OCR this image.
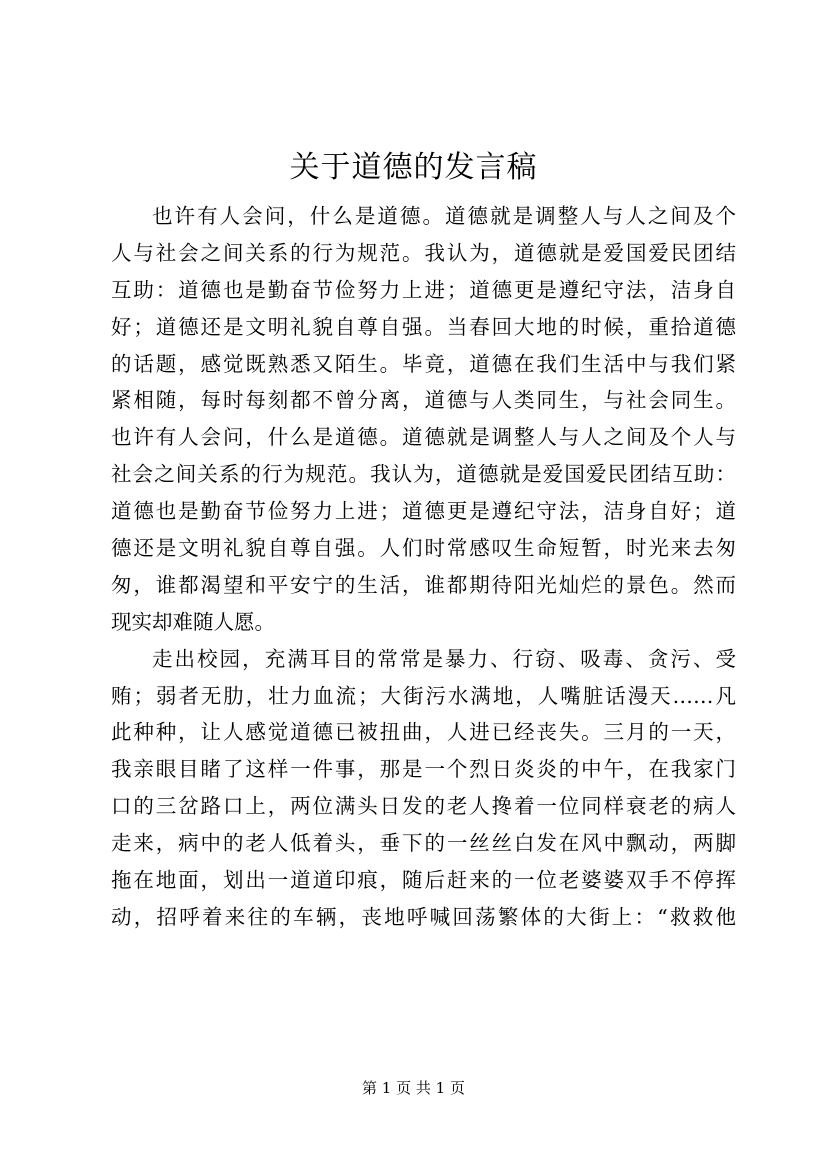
关于道德的发言稿
也许有人会问，什么是道德。道德就是调整人与人之间及个
人与社会之间关系的行为规范。我认为，道德就是爱国爱民团结
互助：道德也是勤奋节俭努力上进；道德更是遵纪守法，洁身自
好；道德还是文明礼貌自尊自强。当春回大地的时候，重拾道德
的话题，感觉既熟悉又陌生。毕竟，道德在我们生活中与我们紧
紧相随，每时每刻都不曾分离，道德与人类同生，与社会同生。
也许有人会问，什么是道德。道德就是调整人与人之间及个人与
社会之间关系的行为规范。我认为，道德就是爱国爱民团结互助：
道德也是勤奋节俭努力上进；道德更是遵纪守法，洁身自好；道
德还是文明礼貌自尊自强。人们时常感叹生命短暂，时光来去匆
匆，谁都渴望和平安宁的生活，谁都期待阳光灿烂的景色。然而
现实却难随人愿。
走出校园，充满耳目的常常是暴力、行窃、吸毒、贪污、受
贿；弱者无肋，壮力血流；大街污水满地，人嘴脏话漫天……凡
此种种，让人感觉道德已被扭曲，人进已经丧失。三月的一天，
我亲眼目睹了这样一件事，那是一个烈日炎炎的中午，在我家门
口的三岔路口上，两位满头日发的老人搀着一位同样衰老的病人
走来，病中的老人低着头，垂下的一丝丝白发在风中飘动，两脚
拖在地面，划出一道道印痕，随后赶来的一位老婆婆双手不停挥
动，招呼着来往的车辆，丧地呼喊回荡繁体的大街上：“救救他
第 1 页 共 1 页
